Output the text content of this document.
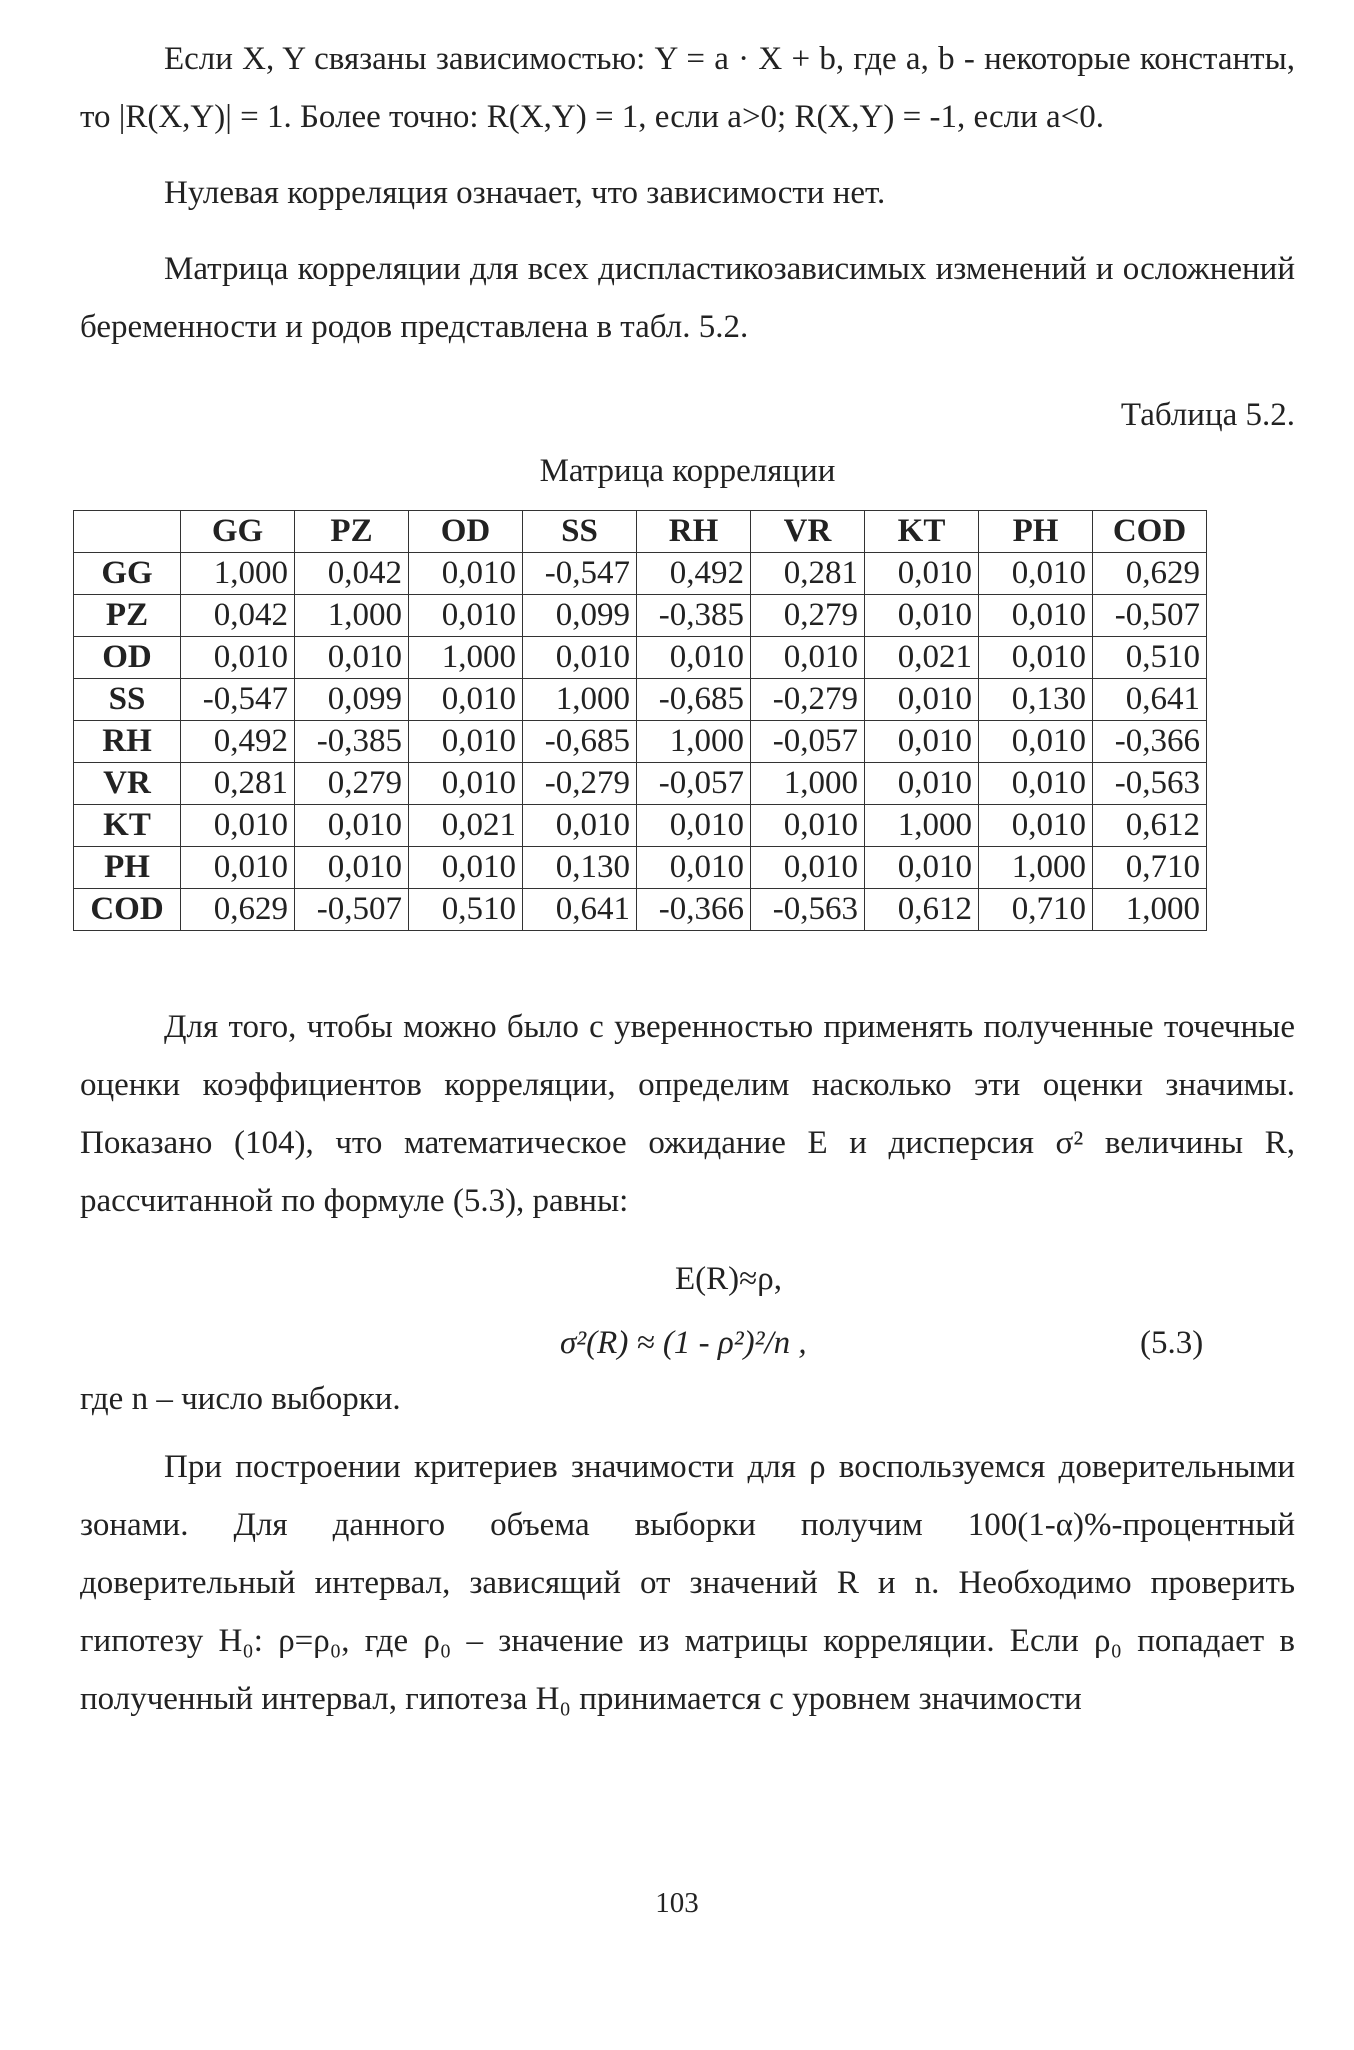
Если X, Y связаны зависимостью: Y = a · X + b, где a, b - некоторые константы, то |R(X,Y)| = 1. Более точно: R(X,Y) = 1, если a>0; R(X,Y) = -1, если a<0.

Нулевая корреляция означает, что зависимости нет.

Матрица корреляции для всех диспластикозависимых изменений и осложнений беременности и родов представлена в табл. 5.2.

Таблица 5.2.
Матрица корреляции
	GG	PZ	OD	SS	RH	VR	KT	PH	COD
GG	1,000	0,042	0,010	-0,547	0,492	0,281	0,010	0,010	0,629
PZ	0,042	1,000	0,010	0,099	-0,385	0,279	0,010	0,010	-0,507
OD	0,010	0,010	1,000	0,010	0,010	0,010	0,021	0,010	0,510
SS	-0,547	0,099	0,010	1,000	-0,685	-0,279	0,010	0,130	0,641
RH	0,492	-0,385	0,010	-0,685	1,000	-0,057	0,010	0,010	-0,366
VR	0,281	0,279	0,010	-0,279	-0,057	1,000	0,010	0,010	-0,563
KT	0,010	0,010	0,021	0,010	0,010	0,010	1,000	0,010	0,612
PH	0,010	0,010	0,010	0,130	0,010	0,010	0,010	1,000	0,710
COD	0,629	-0,507	0,510	0,641	-0,366	-0,563	0,612	0,710	1,000

Для того, чтобы можно было с уверенностью применять полученные точечные оценки коэффициентов корреляции, определим насколько эти оценки значимы. Показано (104), что математическое ожидание E и дисперсия σ² величины R, рассчитанной по формуле (5.3), равны:

E(R)≈ρ,
σ²(R) ≈ (1 - ρ²)²/n ,	(5.3)

где n – число выборки.

При построении критериев значимости для ρ воспользуемся доверительными зонами. Для данного объема выборки получим 100(1-α)%-процентный доверительный интервал, зависящий от значений R и n. Необходимо проверить гипотезу H₀: ρ=ρ₀, где ρ₀ – значение из матрицы корреляции. Если ρ₀ попадает в полученный интервал, гипотеза H₀ принимается с уровнем значимости

103
